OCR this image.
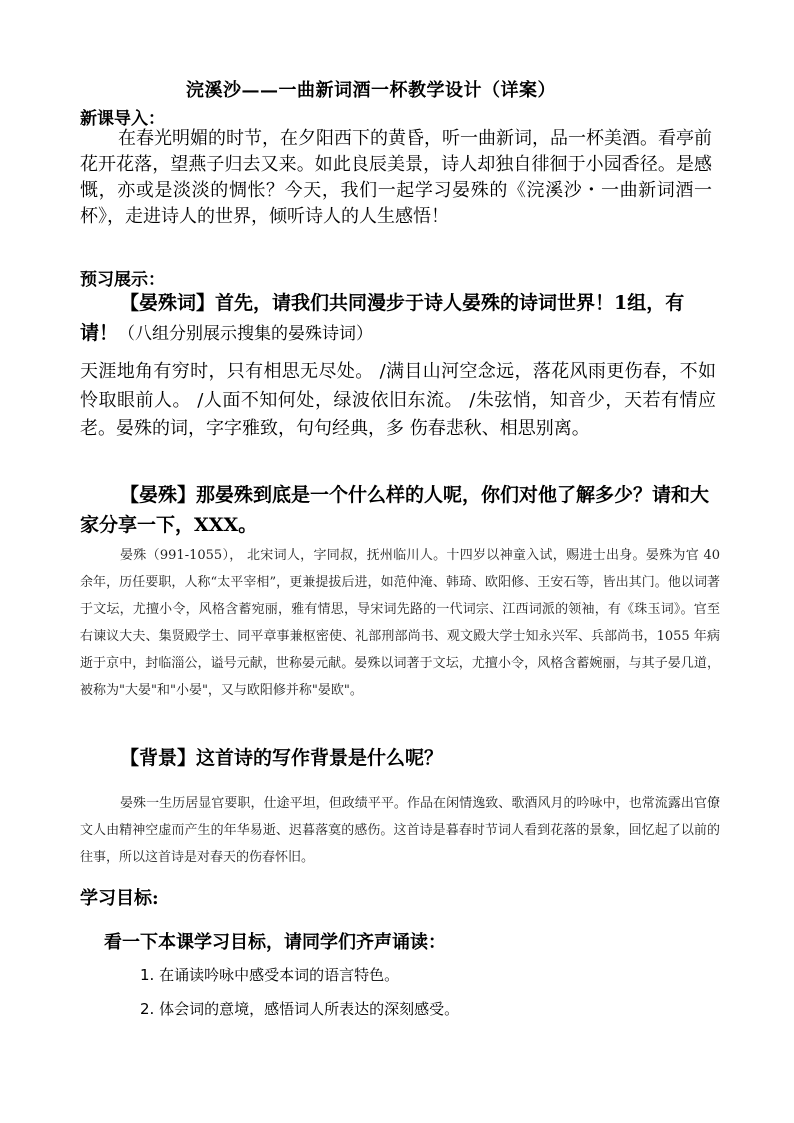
浣溪沙——一曲新词酒一杯教学设计（详案）
新课导入：

在春光明媚的时节，在夕阳西下的黄昏，听一曲新词，品一杯美酒。看亭前花开花落，望燕子归去又来。如此良辰美景，诗人却独自徘徊于小园香径。是感慨，亦或是淡淡的惆怅？今天，我们一起学习晏殊的《浣溪沙・一曲新词酒一杯》，走进诗人的世界，倾听诗人的人生感悟！

预习展示：

【晏殊词】首先，请我们共同漫步于诗人晏殊的诗词世界！1组，有请！（八组分别展示搜集的晏殊诗词）

天涯地角有穷时，只有相思无尽处。 /满目山河空念远，落花风雨更伤春，不如怜取眼前人。 /人面不知何处，绿波依旧东流。 /朱弦悄，知音少，天若有情应老。晏殊的词，字字雅致，句句经典，多 伤春悲秋、相思别离。

【晏殊】那晏殊到底是一个什么样的人呢，你们对他了解多少？请和大家分享一下，XXX。

晏殊（991-1055）， 北宋词人，字同叔，抚州临川人。十四岁以神童入试，赐进士出身。晏殊为官 40 余年，历任要职，人称“太平宰相”，更兼提拔后进，如范仲淹、韩琦、欧阳修、王安石等，皆出其门。他以词著于文坛，尤擅小令，风格含蓄宛丽，雅有情思，导宋词先路的一代词宗、江西词派的领袖，有《珠玉词》。官至右谏议大夫、集贤殿学士、同平章事兼枢密使、礼部刑部尚书、观文殿大学士知永兴军、兵部尚书，1055 年病逝于京中，封临淄公，谥号元献，世称晏元献。晏殊以词著于文坛，尤擅小令，风格含蓄婉丽，与其子晏几道，被称为"大晏"和"小晏"，又与欧阳修并称"晏欧"。

【背景】这首诗的写作背景是什么呢？

晏殊一生历居显官要职，仕途平坦，但政绩平平。作品在闲情逸致、歌酒风月的吟咏中，也常流露出官僚文人由精神空虚而产生的年华易逝、迟暮落寞的感伤。这首诗是暮春时节词人看到花落的景象，回忆起了以前的往事，所以这首诗是对春天的伤春怀旧。

学习目标:
看一下本课学习目标，请同学们齐声诵读：
1. 在诵读吟咏中感受本词的语言特色。
2. 体会词的意境，感悟词人所表达的深刻感受。
